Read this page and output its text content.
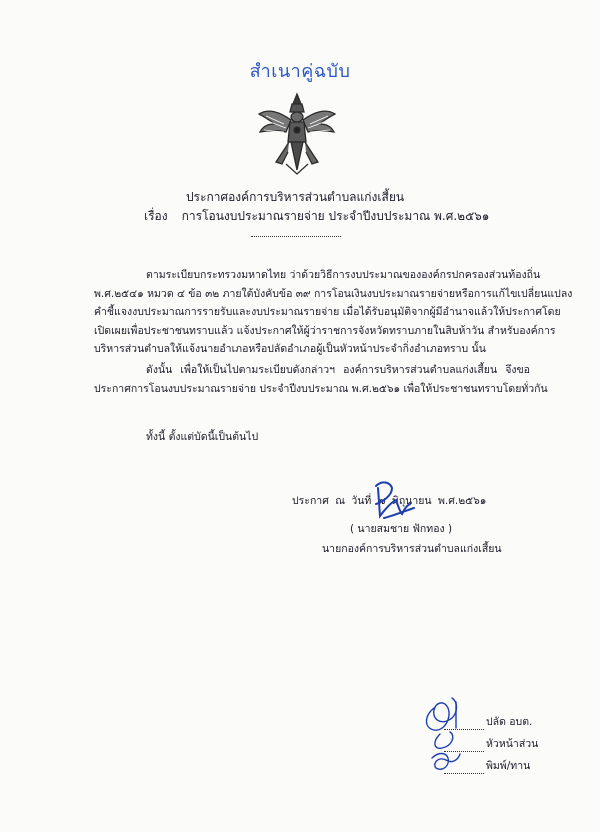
สำเนาคู่ฉบับ
ประกาศองค์การบริหารส่วนตำบลแก่งเสี้ยน
เรื่อง การโอนงบประมาณรายจ่าย ประจำปีงบประมาณ พ.ศ.๒๕๖๑
ตามระเบียบกระทรวงมหาดไทย ว่าด้วยวิธีการงบประมาณขององค์กรปกครองส่วนท้องถิ่น
พ.ศ.๒๕๔๑ หมวด ๔ ข้อ ๓๒ ภายใต้บังคับข้อ ๓๙ การโอนเงินงบประมาณรายจ่ายหรือการแก้ไขเปลี่ยนแปลง
คำชี้แจงงบประมาณการรายรับและงบประมาณรายจ่าย เมื่อได้รับอนุมัติจากผู้มีอำนาจแล้วให้ประกาศโดย
เปิดเผยเพื่อประชาชนทราบแล้ว แจ้งประกาศให้ผู้ว่าราชการจังหวัดทราบภายในสิบห้าวัน สำหรับองค์การ
บริหารส่วนตำบลให้แจ้งนายอำเภอหรือปลัดอำเภอผู้เป็นหัวหน้าประจำกิ่งอำเภอทราบ นั้น
ดังนั้น เพื่อให้เป็นไปตามระเบียบดังกล่าวฯ องค์การบริหารส่วนตำบลแก่งเสี้ยน จึงขอ
ประกาศการโอนงบประมาณรายจ่าย ประจำปีงบประมาณ พ.ศ.๒๕๖๑ เพื่อให้ประชาชนทราบโดยทั่วกัน
ทั้งนี้ ตั้งแต่บัดนี้เป็นต้นไป
ประกาศ ณ วันที่ ๗ มิถุนายน พ.ศ.๒๕๖๑
( นายสมชาย ฟักทอง )
นายกองค์การบริหารส่วนตำบลแก่งเสี้ยน
ปลัด อบต.
หัวหน้าส่วน
พิมพ์/ทาน
